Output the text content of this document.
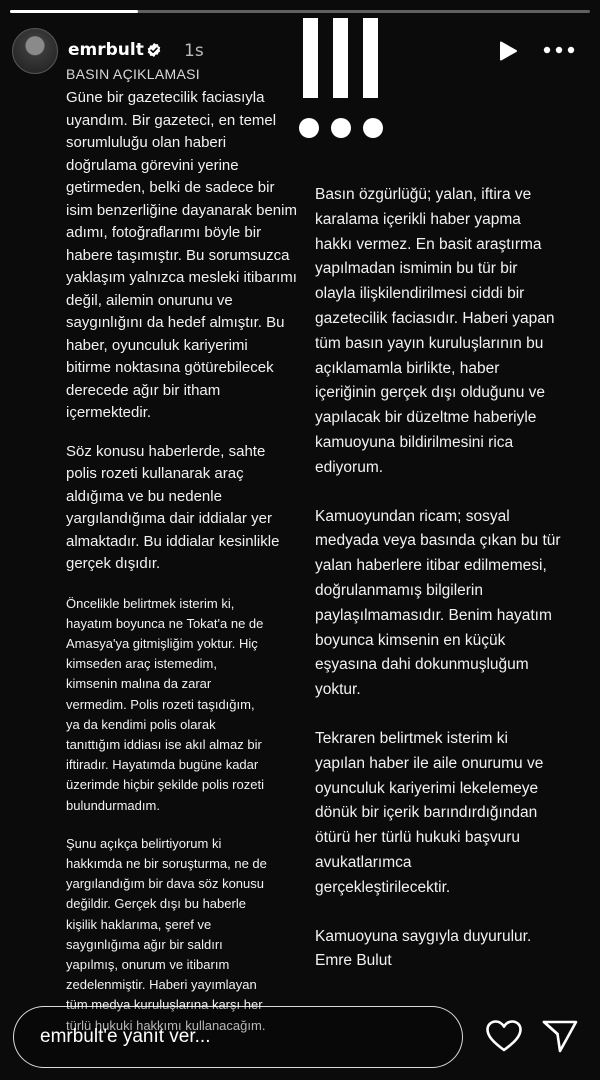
emrbult 1s
BASIN AÇIKLAMASI

Güne bir gazetecilik faciasıyla
uyandım. Bir gazeteci, en temel
sorumluluğu olan haberi
doğrulama görevini yerine
getirmeden, belki de sadece bir
isim benzerliğine dayanarak benim
adımı, fotoğraflarımı böyle bir
habere taşımıştır. Bu sorumsuzca
yaklaşım yalnızca mesleki itibarımı
değil, ailemin onurunu ve
saygınlığını da hedef almıştır. Bu
haber, oyunculuk kariyerimi
bitirme noktasına götürebilecek
derecede ağır bir itham
içermektedir.

Söz konusu haberlerde, sahte
polis rozeti kullanarak araç
aldığıma ve bu nedenle
yargılandığıma dair iddialar yer
almaktadır. Bu iddialar kesinlikle
gerçek dışıdır.

Öncelikle belirtmek isterim ki,
hayatım boyunca ne Tokat'a ne de
Amasya'ya gitmişliğim yoktur. Hiç
kimseden araç istemedim,
kimsenin malına da zarar
vermedim. Polis rozeti taşıdığım,
ya da kendimi polis olarak
tanıttığım iddiası ise akıl almaz bir
iftiradır. Hayatımda bugüne kadar
üzerimde hiçbir şekilde polis rozeti
bulundurmadım.

Şunu açıkça belirtiyorum ki
hakkımda ne bir soruşturma, ne de
yargılandığım bir dava söz konusu
değildir. Gerçek dışı bu haberle
kişilik haklarıma, şeref ve
saygınlığıma ağır bir saldırı
yapılmış, onurum ve itibarım
zedelenmiştir. Haberi yayımlayan
tüm medya kuruluşlarına karşı her
türlü hukuki hakkımı kullanacağım.

Basın özgürlüğü; yalan, iftira ve
karalama içerikli haber yapma
hakkı vermez. En basit araştırma
yapılmadan ismimin bu tür bir
olayla ilişkilendirilmesi ciddi bir
gazetecilik faciasıdır. Haberi yapan
tüm basın yayın kuruluşlarının bu
açıklamamla birlikte, haber
içeriğinin gerçek dışı olduğunu ve
yapılacak bir düzeltme haberiyle
kamuoyuna bildirilmesini rica
ediyorum.

Kamuoyundan ricam; sosyal
medyada veya basında çıkan bu tür
yalan haberlere itibar edilmemesi,
doğrulanmamış bilgilerin
paylaşılmamasıdır. Benim hayatım
boyunca kimsenin en küçük
eşyasına dahi dokunmuşluğum
yoktur.

Tekraren belirtmek isterim ki
yapılan haber ile aile onurumu ve
oyunculuk kariyerimi lekelemeye
dönük bir içerik barındırdığından
ötürü her türlü hukuki başvuru
avukatlarımca
gerçekleştirilecektir.

Kamuoyuna saygıyla duyurulur.
Emre Bulut

emrbult'e yanıt ver...
